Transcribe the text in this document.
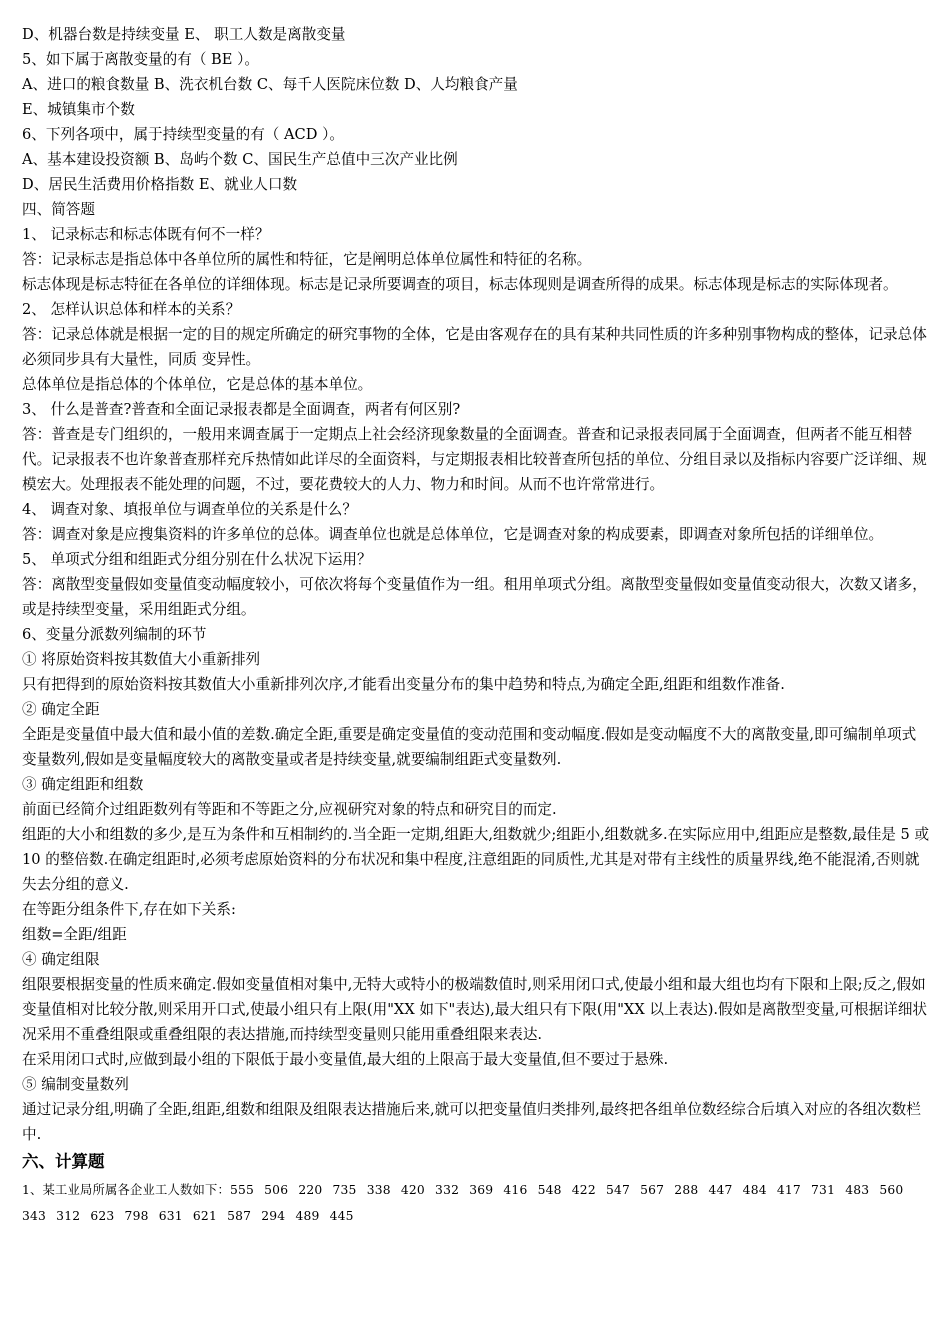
D、机器台数是持续变量 E、 职工人数是离散变量

5、如下属于离散变量的有（ BE ）。

A、进口的粮食数量 B、洗衣机台数 C、每千人医院床位数 D、人均粮食产量

E、城镇集市个数

6、下列各项中，属于持续型变量的有（ ACD ）。

A、基本建设投资额 B、岛屿个数 C、国民生产总值中三次产业比例

D、居民生活费用价格指数 E、就业人口数

四、简答题

1、 记录标志和标志体既有何不一样？

答：记录标志是指总体中各单位所的属性和特征，它是阐明总体单位属性和特征的名称。

标志体现是标志特征在各单位的详细体现。标志是记录所要调查的项目，标志体现则是调查所得的成果。标志体现是标志的实际体现者。

2、 怎样认识总体和样本的关系？

答：记录总体就是根据一定的目的规定所确定的研究事物的全体，它是由客观存在的具有某种共同性质的许多种别事物构成的整体，记录总体必须同步具有大量性，同质 变异性。

总体单位是指总体的个体单位，它是总体的基本单位。

3、 什么是普查?普查和全面记录报表都是全面调查，两者有何区别?

答：普查是专门组织的，一般用来调查属于一定期点上社会经济现象数量的全面调查。普查和记录报表同属于全面调查，但两者不能互相替代。记录报表不也许象普查那样充斥热情如此详尽的全面资料，与定期报表相比较普查所包括的单位、分组目录以及指标内容要广泛详细、规模宏大。处理报表不能处理的问题，不过，要花费较大的人力、物力和时间。从而不也许常常进行。

4、 调查对象、填报单位与调查单位的关系是什么？

答：调查对象是应搜集资料的许多单位的总体。调查单位也就是总体单位，它是调查对象的构成要素，即调查对象所包括的详细单位。

5、 单项式分组和组距式分组分别在什么状况下运用？

答：离散型变量假如变量值变动幅度较小，可依次将每个变量值作为一组。租用单项式分组。离散型变量假如变量值变动很大，次数又诸多，或是持续型变量，采用组距式分组。

6、变量分派数列编制的环节

① 将原始资料按其数值大小重新排列

只有把得到的原始资料按其数值大小重新排列次序,才能看出变量分布的集中趋势和特点,为确定全距,组距和组数作准备.

② 确定全距

全距是变量值中最大值和最小值的差数.确定全距,重要是确定变量值的变动范围和变动幅度.假如是变动幅度不大的离散变量,即可编制单项式变量数列,假如是变量幅度较大的离散变量或者是持续变量,就要编制组距式变量数列.

③ 确定组距和组数

前面已经简介过组距数列有等距和不等距之分,应视研究对象的特点和研究目的而定.

组距的大小和组数的多少,是互为条件和互相制约的.当全距一定期,组距大,组数就少;组距小,组数就多.在实际应用中,组距应是整数,最佳是 5 或 10 的整倍数.在确定组距时,必须考虑原始资料的分布状况和集中程度,注意组距的同质性,尤其是对带有主线性的质量界线,绝不能混淆,否则就失去分组的意义.

在等距分组条件下,存在如下关系:

组数=全距/组距

④ 确定组限

组限要根据变量的性质来确定.假如变量值相对集中,无特大或特小的极端数值时,则采用闭口式,使最小组和最大组也均有下限和上限;反之,假如变量值相对比较分散,则采用开口式,使最小组只有上限(用"XX 如下"表达),最大组只有下限(用"XX 以上表达).假如是离散型变量,可根据详细状况采用不重叠组限或重叠组限的表达措施,而持续型变量则只能用重叠组限来表达.

在采用闭口式时,应做到最小组的下限低于最小变量值,最大组的上限高于最大变量值,但不要过于悬殊.

⑤ 编制变量数列

通过记录分组,明确了全距,组距,组数和组限及组限表达措施后来,就可以把变量值归类排列,最终把各组单位数经综合后填入对应的各组次数栏中.

六、计算题

1、某工业局所属各企业工人数如下：555 506 220 735 338 420 332 369 416 548 422 547 567 288 447 484 417 731 483 560 343 312 623 798 631 621 587 294 489 445
